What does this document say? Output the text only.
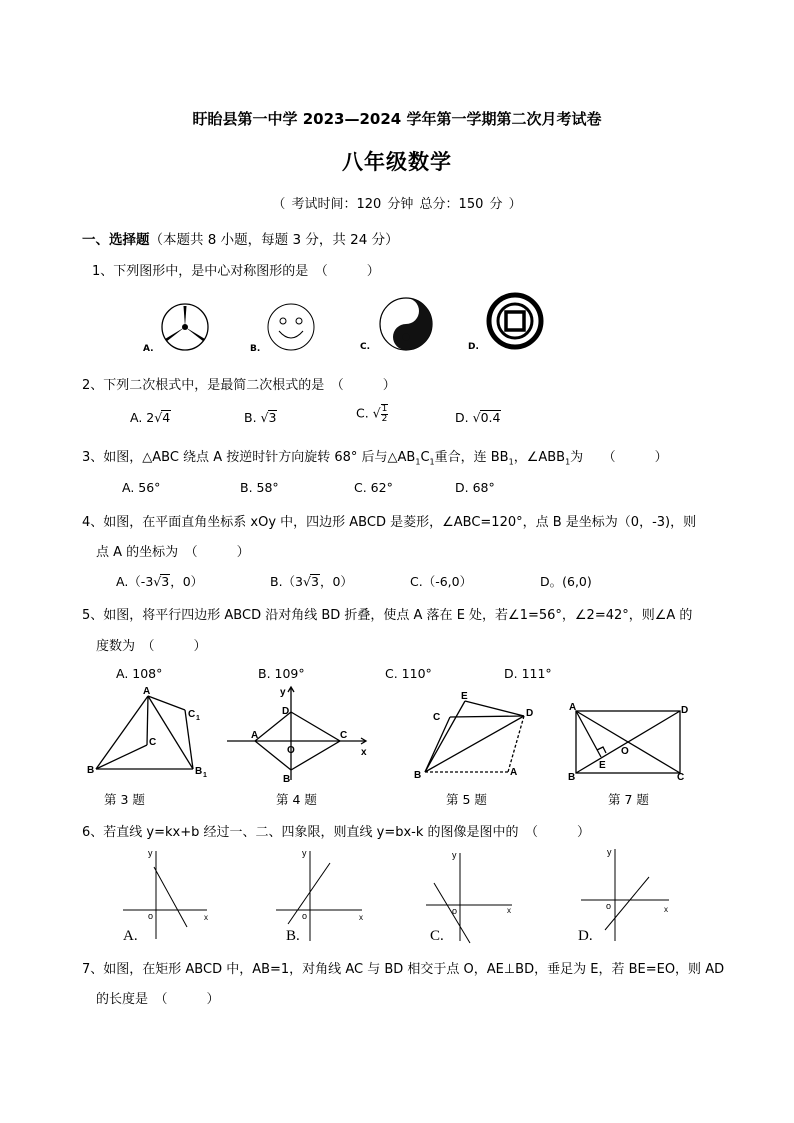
盱眙县第一中学 2023—2024 学年第一学期第二次月考试卷
八年级数学
（ 考试时间：120 分钟 总分：150 分 ）
一、选择题（本题共 8 小题，每题 3 分，共 24 分）
1、下列图形中，是中心对称图形的是　（　　　）
A.	B.	C.	D.
2、下列二次根式中，是最简二次根式的是　（　　　）
A. 2√4	B. √3	C. √ $\frac{1}{2}$	D. √0.4
3、如图，△ABC 绕点 A 按逆时针方向旋转 68° 后与$\triangle AB_1C_1$重合，连 $BB_1$，$\angle ABB_1$为　　（　　　）
A. 56°	B. 58°	C. 62°	D. 68°
4、如图，在平面直角坐标系 xOy 中，四边形 ABCD 是菱形，∠ABC=120°，点 B 是坐标为（0，-3)，则
点 A 的坐标为　（　　　）
A.（-3√3，0）	B.（3√3，0）	C.（-6,0）	D。(6,0)
5、如图，将平行四边形 ABCD 沿对角线 BD 折叠，使点 A 落在 E 处，若∠1=56°，∠2=42°，则∠A 的
度数为　（　　　）
A. 108°	B. 109°	C. 110°	D. 111°
A
B
C
C 1
B 1
y
D
A
O
C
x
B
E
C	D
B	A
A	D
E
O
B	C
第 3 题	第 4 题	第 5 题	第 7 题
6、若直线 y=kx+b 经过一、二、四象限，则直线 y=bx-k 的图像是图中的　（　　　）
y
o	x
y
o	x
y
o	x
y
o	x
A.	B.	C.	D.
7、如图，在矩形 ABCD 中，AB=1，对角线 AC 与 BD 相交于点 O，AE⊥BD，垂足为 E，若 BE=EO，则 AD
的长度是　（　　　）
